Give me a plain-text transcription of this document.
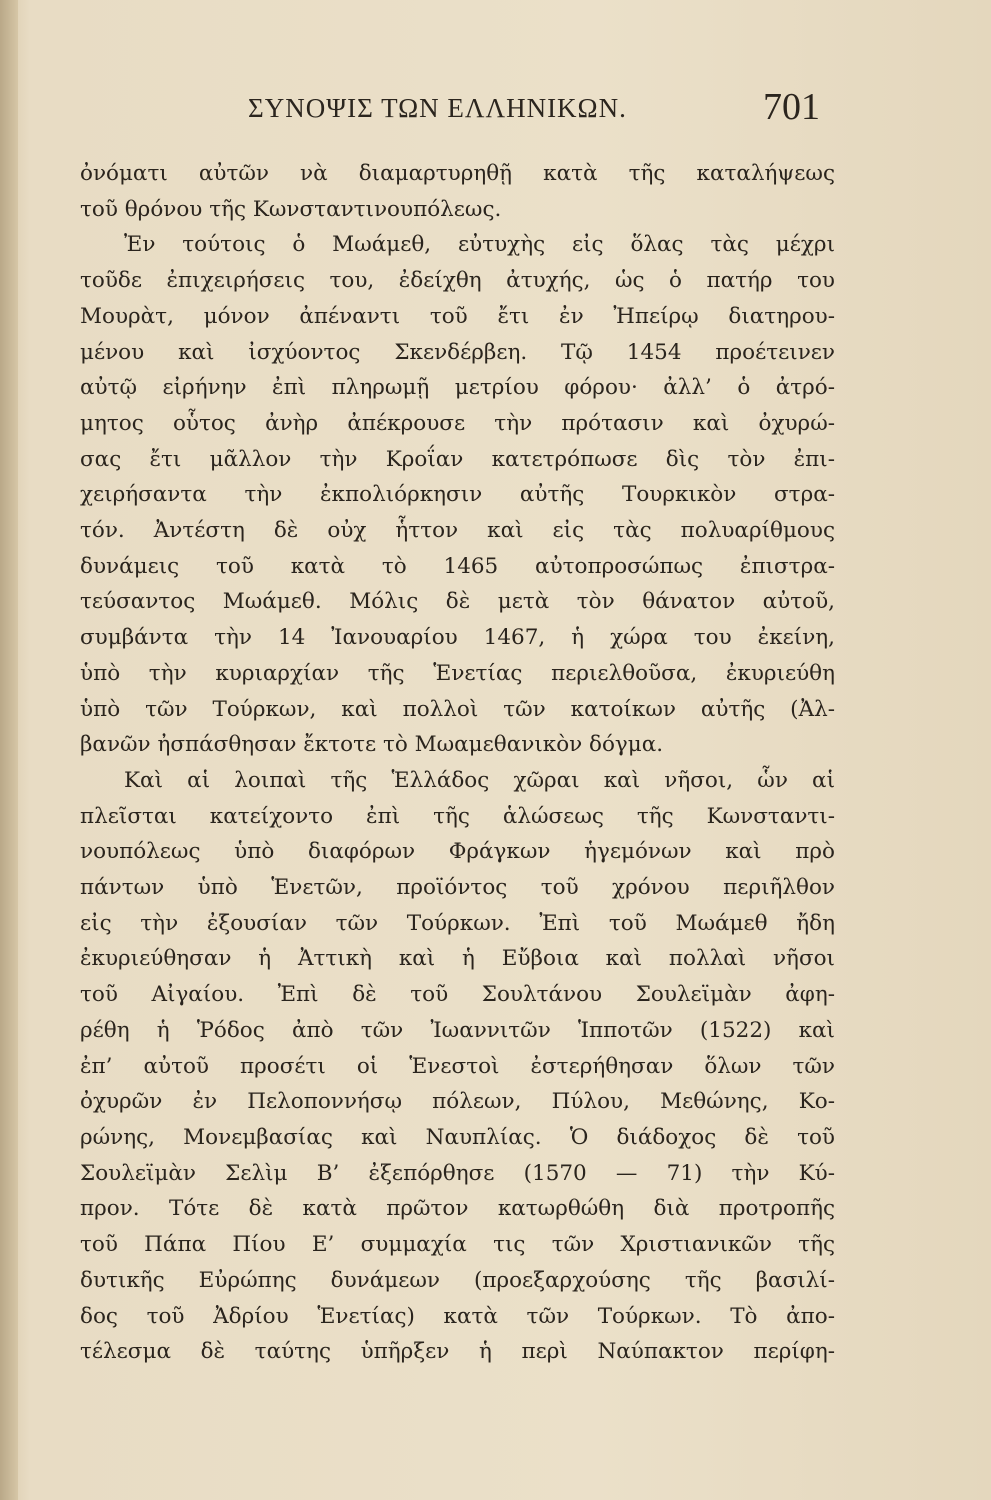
ΣΥΝΟΨΙΣ ΤΩΝ ΕΛΛΗΝΙΚΩΝ.	701
ὀνόματι αὐτῶν νὰ διαμαρτυρηθῇ κατὰ τῆς καταλήψεως
τοῦ θρόνου τῆς Κωνσταντινουπόλεως.
Ἐν τούτοις ὁ Μωάμεθ, εὐτυχὴς εἰς ὅλας τὰς μέχρι
τοῦδε ἐπιχειρήσεις του, ἐδείχθη ἀτυχής, ὡς ὁ πατήρ του
Μουρὰτ, μόνον ἀπέναντι τοῦ ἔτι ἐν Ἠπείρῳ διατηρου-
μένου καὶ ἰσχύοντος Σκενδέρβεη. Τῷ 1454 προέτεινεν
αὐτῷ εἰρήνην ἐπὶ πληρωμῇ μετρίου φόρου· ἀλλ’ ὁ ἀτρό-
μητος οὗτος ἀνὴρ ἀπέκρουσε τὴν πρότασιν καὶ ὀχυρώ-
σας ἔτι μᾶλλον τὴν Κροΐαν κατετρόπωσε δὶς τὸν ἐπι-
χειρήσαντα τὴν ἐκπολιόρκησιν αὐτῆς Τουρκικὸν στρα-
τόν. Ἀντέστη δὲ οὐχ ἧττον καὶ εἰς τὰς πολυαρίθμους
δυνάμεις τοῦ κατὰ τὸ 1465 αὐτοπροσώπως ἐπιστρα-
τεύσαντος Μωάμεθ. Μόλις δὲ μετὰ τὸν θάνατον αὐτοῦ,
συμβάντα τὴν 14 Ἰανουαρίου 1467, ἡ χώρα του ἐκείνη,
ὑπὸ τὴν κυριαρχίαν τῆς Ἑνετίας περιελθοῦσα, ἐκυριεύθη
ὑπὸ τῶν Τούρκων, καὶ πολλοὶ τῶν κατοίκων αὐτῆς (Ἀλ-
βανῶν ἠσπάσθησαν ἔκτοτε τὸ Μωαμεθανικὸν δόγμα.
Καὶ αἱ λοιπαὶ τῆς Ἑλλάδος χῶραι καὶ νῆσοι, ὧν αἱ
πλεῖσται κατείχοντο ἐπὶ τῆς ἁλώσεως τῆς Κωνσταντι-
νουπόλεως ὑπὸ διαφόρων Φράγκων ἡγεμόνων καὶ πρὸ
πάντων ὑπὸ Ἑνετῶν, προϊόντος τοῦ χρόνου περιῆλθον
εἰς τὴν ἐξουσίαν τῶν Τούρκων. Ἐπὶ τοῦ Μωάμεθ ἤδη
ἐκυριεύθησαν ἡ Ἀττικὴ καὶ ἡ Εὔβοια καὶ πολλαὶ νῆσοι
τοῦ Αἰγαίου. Ἐπὶ δὲ τοῦ Σουλτάνου Σουλεϊμὰν ἀφη-
ρέθη ἡ Ῥόδος ἀπὸ τῶν Ἰωαννιτῶν Ἱπποτῶν (1522) καὶ
ἐπ’ αὐτοῦ προσέτι οἱ Ἑνεστοὶ ἐστερήθησαν ὅλων τῶν
ὀχυρῶν ἐν Πελοποννήσῳ πόλεων, Πύλου, Μεθώνης, Κο-
ρώνης, Μονεμβασίας καὶ Ναυπλίας. Ὁ διάδοχος δὲ τοῦ
Σουλεϊμὰν Σελὶμ Β’ ἐξεπόρθησε (1570 — 71) τὴν Κύ-
προν. Τότε δὲ κατὰ πρῶτον κατωρθώθη διὰ προτροπῆς
τοῦ Πάπα Πίου Ε’ συμμαχία τις τῶν Χριστιανικῶν τῆς
δυτικῆς Εὐρώπης δυνάμεων (προεξαρχούσης τῆς βασιλί-
δος τοῦ Ἀδρίου Ἑνετίας) κατὰ τῶν Τούρκων. Τὸ ἀπο-
τέλεσμα δὲ ταύτης ὑπῆρξεν ἡ περὶ Ναύπακτον περίφη-
